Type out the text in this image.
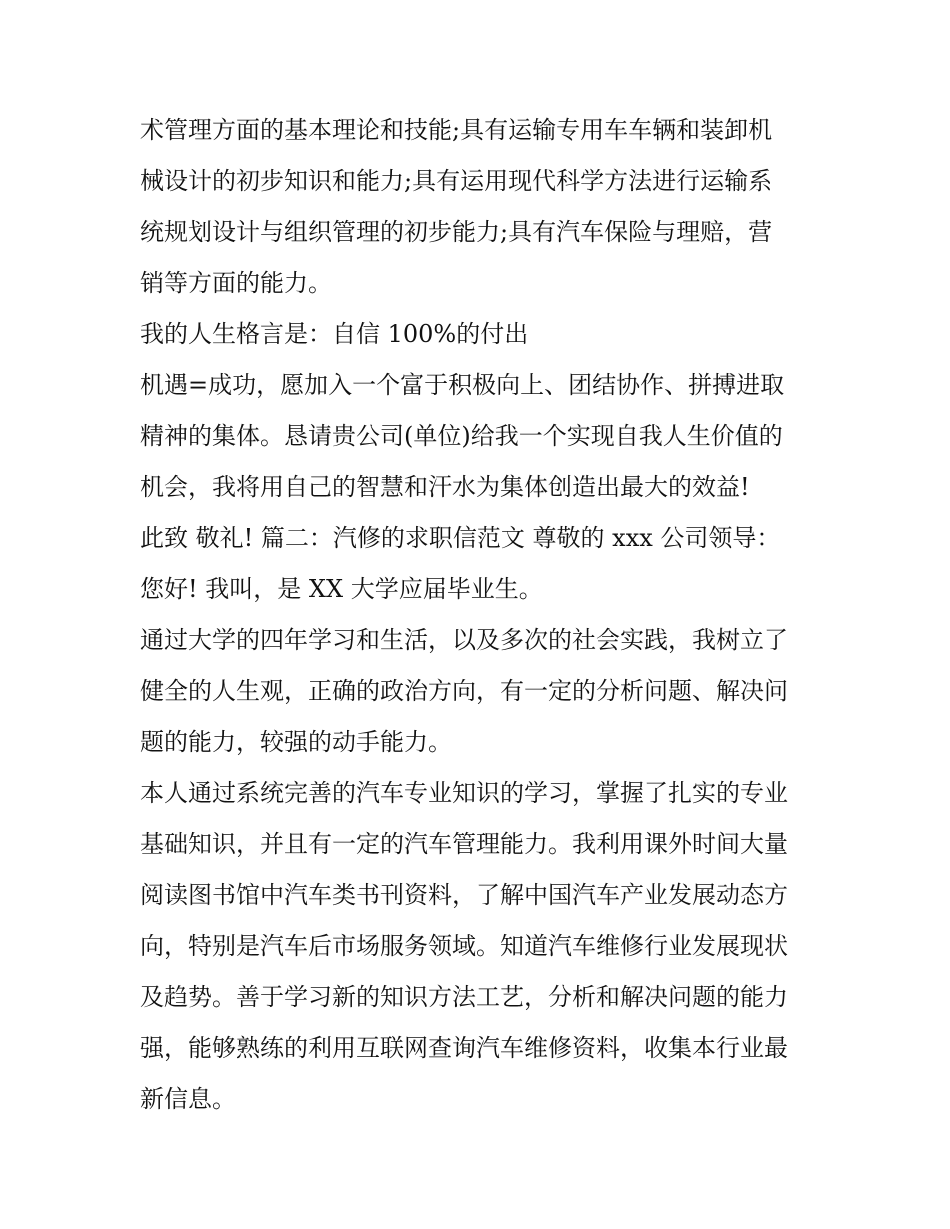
术管理方面的基本理论和技能;具有运输专用车车辆和装卸机
械设计的初步知识和能力;具有运用现代科学方法进行运输系
统规划设计与组织管理的初步能力;具有汽车保险与理赔，营
销等方面的能力。
我的人生格言是：自信 100%的付出
机遇=成功，愿加入一个富于积极向上、团结协作、拼搏进取
精神的集体。恳请贵公司(单位)给我一个实现自我人生价值的
机会，我将用自己的智慧和汗水为集体创造出最大的效益!
此致 敬礼! 篇二：汽修的求职信范文 尊敬的 xxx 公司领导：
您好! 我叫，是 XX 大学应届毕业生。
通过大学的四年学习和生活，以及多次的社会实践，我树立了
健全的人生观，正确的政治方向，有一定的分析问题、解决问
题的能力，较强的动手能力。
本人通过系统完善的汽车专业知识的学习，掌握了扎实的专业
基础知识，并且有一定的汽车管理能力。我利用课外时间大量
阅读图书馆中汽车类书刊资料，了解中国汽车产业发展动态方
向，特别是汽车后市场服务领域。知道汽车维修行业发展现状
及趋势。善于学习新的知识方法工艺，分析和解决问题的能力
强，能够熟练的利用互联网查询汽车维修资料，收集本行业最
新信息。
